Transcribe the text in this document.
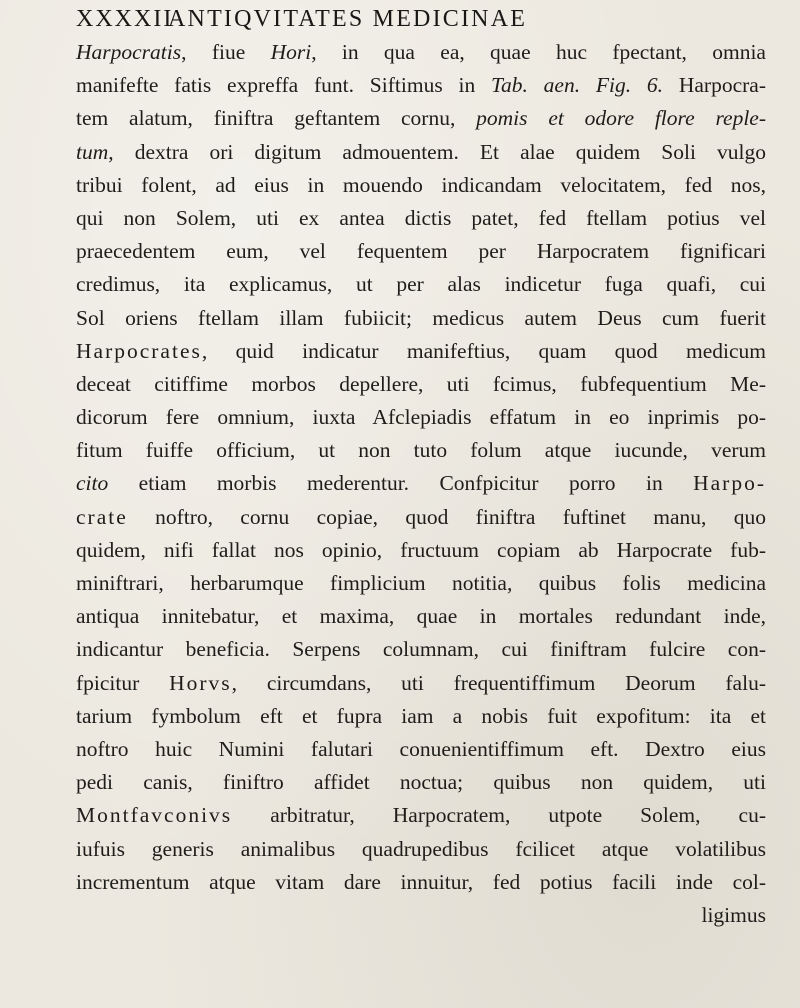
XXXXII
ANTIQVITATES MEDICINAE
Harpocratis, fiue Hori, in qua ea, quae huc fpectant, omnia
manifefte fatis expreffa funt. Siftimus in Tab. aen. Fig. 6. Harpocra-
tem alatum, finiftra geftantem cornu, pomis et odore flore reple-
tum, dextra ori digitum admouentem. Et alae quidem Soli vulgo
tribui folent, ad eius in mouendo indicandam velocitatem, fed nos,
qui non Solem, uti ex antea dictis patet, fed ftellam potius vel
praecedentem eum, vel fequentem per Harpocratem fignificari
credimus, ita explicamus, ut per alas indicetur fuga quafi, cui
Sol oriens ftellam illam fubiicit; medicus autem Deus cum fuerit
Harpocrates, quid indicatur manifeftius, quam quod medicum
deceat citiffime morbos depellere, uti fcimus, fubfequentium Me-
dicorum fere omnium, iuxta Afclepiadis effatum in eo inprimis po-
fitum fuiffe officium, ut non tuto folum atque iucunde, verum
cito etiam morbis mederentur. Confpicitur porro in Harpo-
crate noftro, cornu copiae, quod finiftra fuftinet manu, quo
quidem, nifi fallat nos opinio, fructuum copiam ab Harpocrate fub-
miniftrari, herbarumque fimplicium notitia, quibus folis medicina
antiqua innitebatur, et maxima, quae in mortales redundant inde,
indicantur beneficia. Serpens columnam, cui finiftram fulcire con-
fpicitur Horvs, circumdans, uti frequentiffimum Deorum falu-
tarium fymbolum eft et fupra iam a nobis fuit expofitum: ita et
noftro huic Numini falutari conuenientiffimum eft. Dextro eius
pedi canis, finiftro affidet noctua; quibus non quidem, uti
Montfavconivs arbitratur, Harpocratem, utpote Solem, cu-
iufuis generis animalibus quadrupedibus fcilicet atque volatilibus
incrementum atque vitam dare innuitur, fed potius facili inde col-
ligimus
